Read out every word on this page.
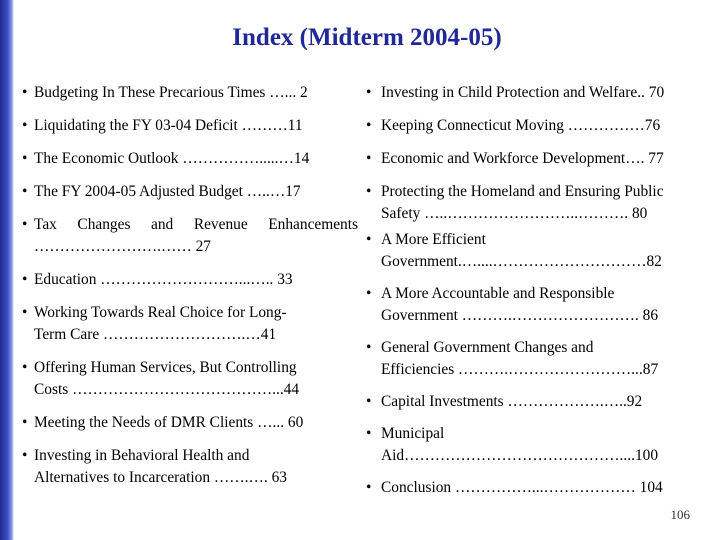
Index (Midterm 2004-05)
• Budgeting In These Precarious Times …... 2
• Liquidating the FY 03-04 Deficit ………11
• The Economic Outlook …………….....…14
• The FY 2004-05 Adjusted Budget …..…17
• Tax Changes and Revenue Enhancements
…………………….…… 27
• Education ………………………...….. 33
• Working Towards Real Choice for Long-
Term Care ……………………….…41
• Offering Human Services, But Controlling
Costs …………………………………...44
• Meeting the Needs of DMR Clients …... 60
• Investing in Behavioral Health and
Alternatives to Incarceration …….…. 63
• Investing in Child Protection and Welfare.. 70
• Keeping Connecticut Moving ……………76
• Economic and Workforce Development…. 77
• Protecting the Homeland and Ensuring Public
Safety …..……………………..………. 80
• A More Efficient
Government.…....…………………………82
• A More Accountable and Responsible
Government ……….……………………. 86
• General Government Changes and
Efficiencies ……….……………………...87
• Capital Investments ……………….…..92
• Municipal
Aid……………………………………....100
• Conclusion ……………...……………… 104
106
